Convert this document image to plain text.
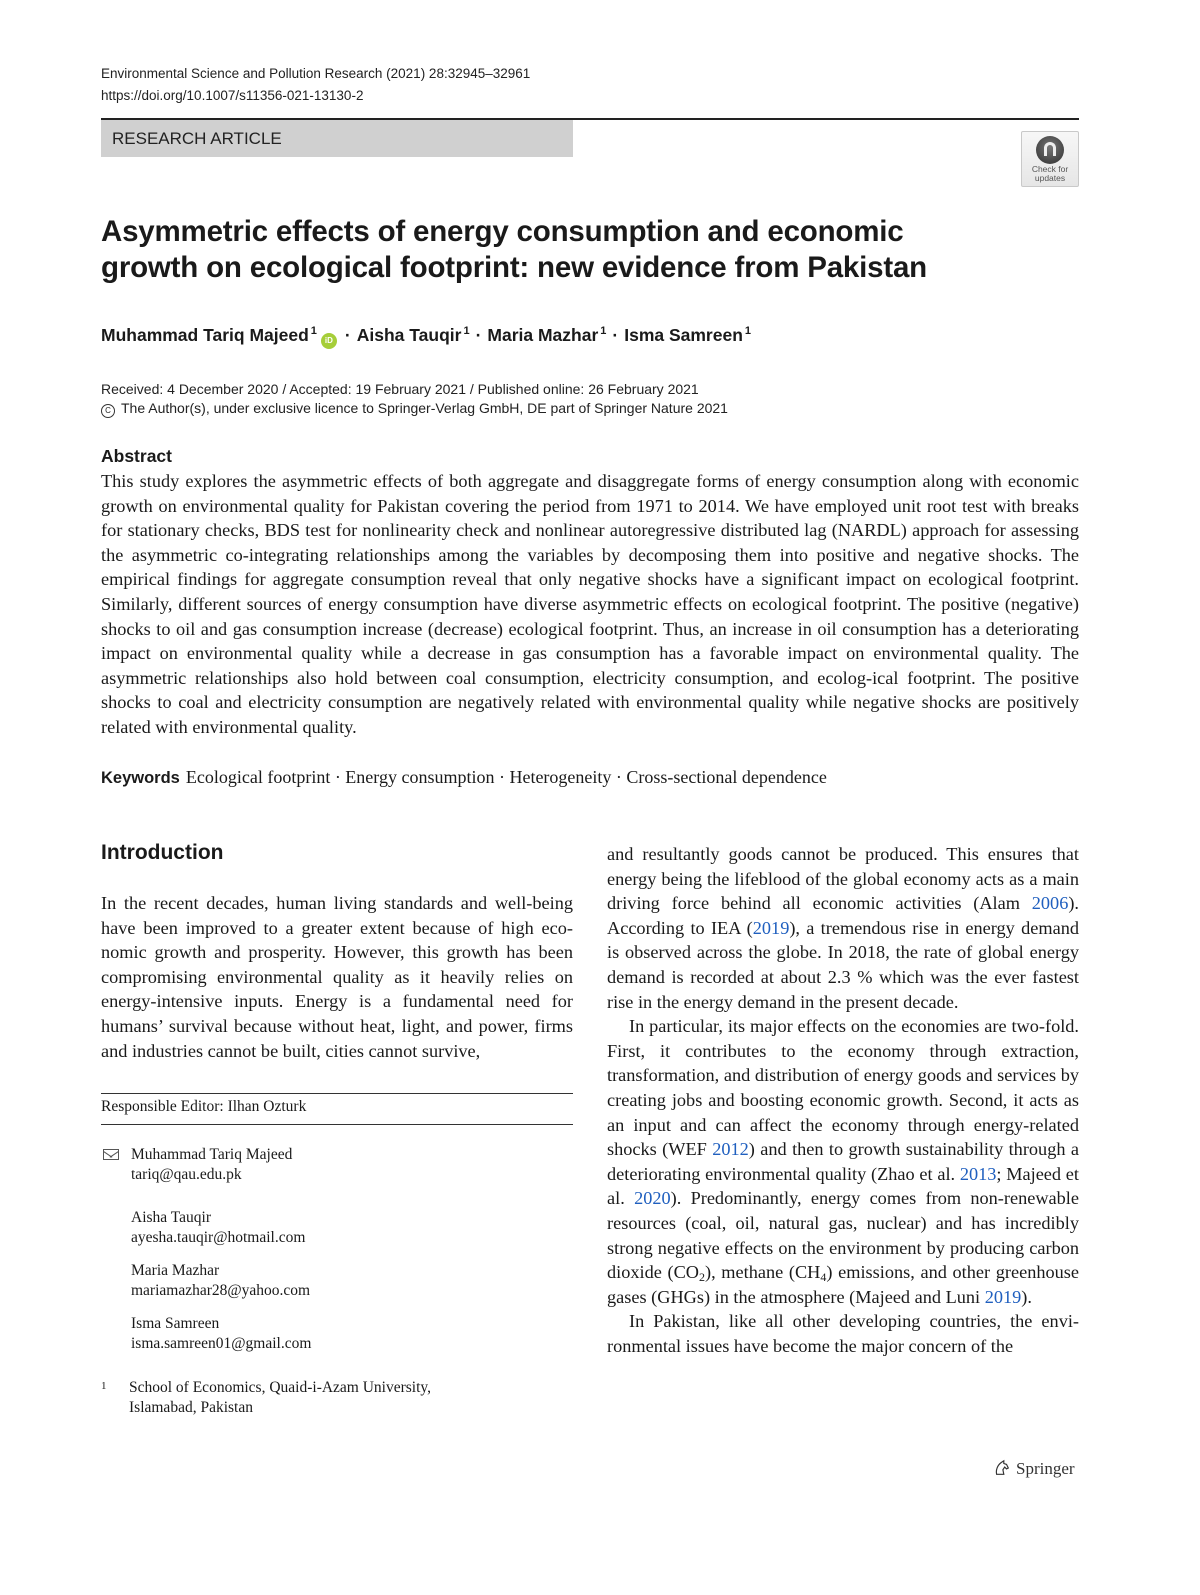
Environmental Science and Pollution Research (2021) 28:32945–32961
https://doi.org/10.1007/s11356-021-13130-2
RESEARCH ARTICLE
Check for
updates
Asymmetric effects of energy consumption and economic
growth on ecological footprint: new evidence from Pakistan
Muhammad Tariq Majeed $^1$iD · Aisha Tauqir $^1$ · Maria Mazhar $^1$ · Isma Samreen $^1$
Received: 4 December 2020 / Accepted: 19 February 2021 / Published online: 26 February 2021
C The Author(s), under exclusive licence to Springer-Verlag GmbH, DE part of Springer Nature 2021
Abstract
This study explores the asymmetric effects of both aggregate and disaggregate forms of energy consumption along with economic growth on environmental quality for Pakistan covering the period from 1971 to 2014. We have employed unit root test with breaks for stationary checks, BDS test for nonlinearity check and nonlinear autoregressive distributed lag (NARDL) approach for assessing the asymmetric co-integrating relationships among the variables by decomposing them into positive and negative shocks. The empirical findings for aggregate consumption reveal that only negative shocks have a significant impact on ecological footprint. Similarly, different sources of energy consumption have diverse asymmetric effects on ecological footprint. The positive (negative) shocks to oil and gas consumption increase (decrease) ecological footprint. Thus, an increase in oil consumption has a deteriorating impact on environmental quality while a decrease in gas consumption has a favorable impact on environmental quality. The asymmetric relationships also hold between coal consumption, electricity consumption, and ecolog-ical footprint. The positive shocks to coal and electricity consumption are negatively related with environmental quality while negative shocks are positively related with environmental quality.
Keywords Ecological footprint · Energy consumption · Heterogeneity · Cross-sectional dependence
Introduction
In the recent decades, human living standards and well-being have been improved to a greater extent because of high eco-nomic growth and prosperity. However, this growth has been compromising environmental quality as it heavily relies on energy-intensive inputs. Energy is a fundamental need for humans’ survival because without heat, light, and power, firms and industries cannot be built, cities cannot survive,

and resultantly goods cannot be produced. This ensures that energy being the lifeblood of the global economy acts as a main driving force behind all economic activities (Alam 2006). According to IEA (2019), a tremendous rise in energy demand is observed across the globe. In 2018, the rate of global energy demand is recorded at about 2.3 % which was the ever fastest rise in the energy demand in the present decade.

In particular, its major effects on the economies are two-fold. First, it contributes to the economy through extraction, transformation, and distribution of energy goods and services by creating jobs and boosting economic growth. Second, it acts as an input and can affect the economy through energy-related shocks (WEF 2012) and then to growth sustainability through a deteriorating environmental quality (Zhao et al. 2013; Majeed et al. 2020). Predominantly, energy comes from non-renewable resources (coal, oil, natural gas, nuclear) and has incredibly strong negative effects on the environment by producing carbon dioxide $(CO_2)$, methane $(CH_4)$ emissions, and other greenhouse gases (GHGs) in the atmosphere (Majeed and Luni 2019).

In Pakistan, like all other developing countries, the envi-ronmental issues have become the major concern of the

Responsible Editor: Ilhan Ozturk
Muhammad Tariq Majeed
tariq@qau.edu.pk
Aisha Tauqir
ayesha.tauqir@hotmail.com
Maria Mazhar
mariamazhar28@yahoo.com
Isma Samreen
isma.samreen01@gmail.com
1 School of Economics, Quaid-i-Azam University,
Islamabad, Pakistan
Springer
